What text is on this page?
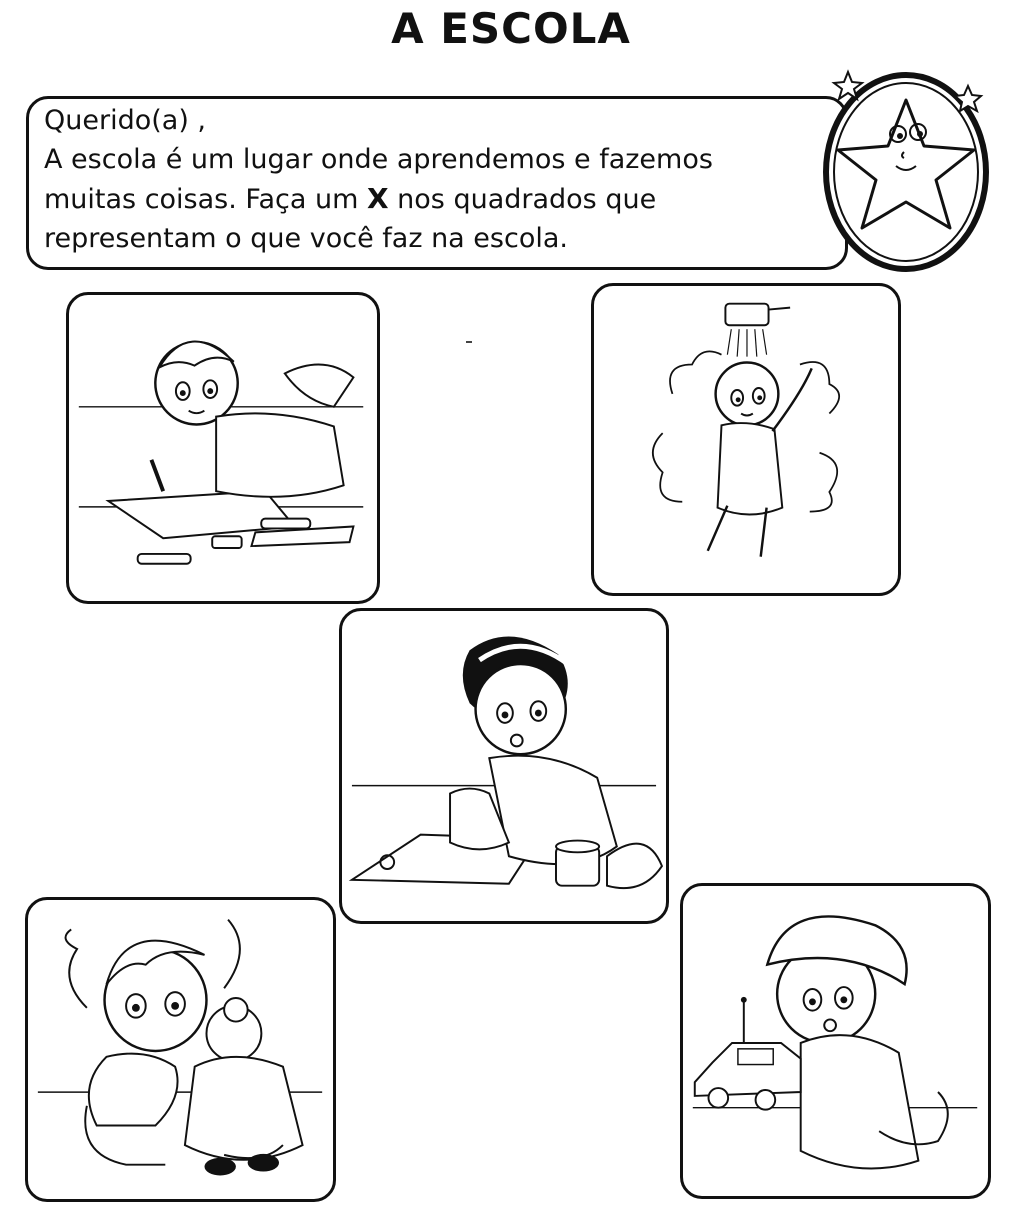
A ESCOLA
Querido(a) ,
A escola é um lugar onde aprendemos e fazemos
muitas coisas. Faça um X nos quadrados que
representam o que você faz na escola.
